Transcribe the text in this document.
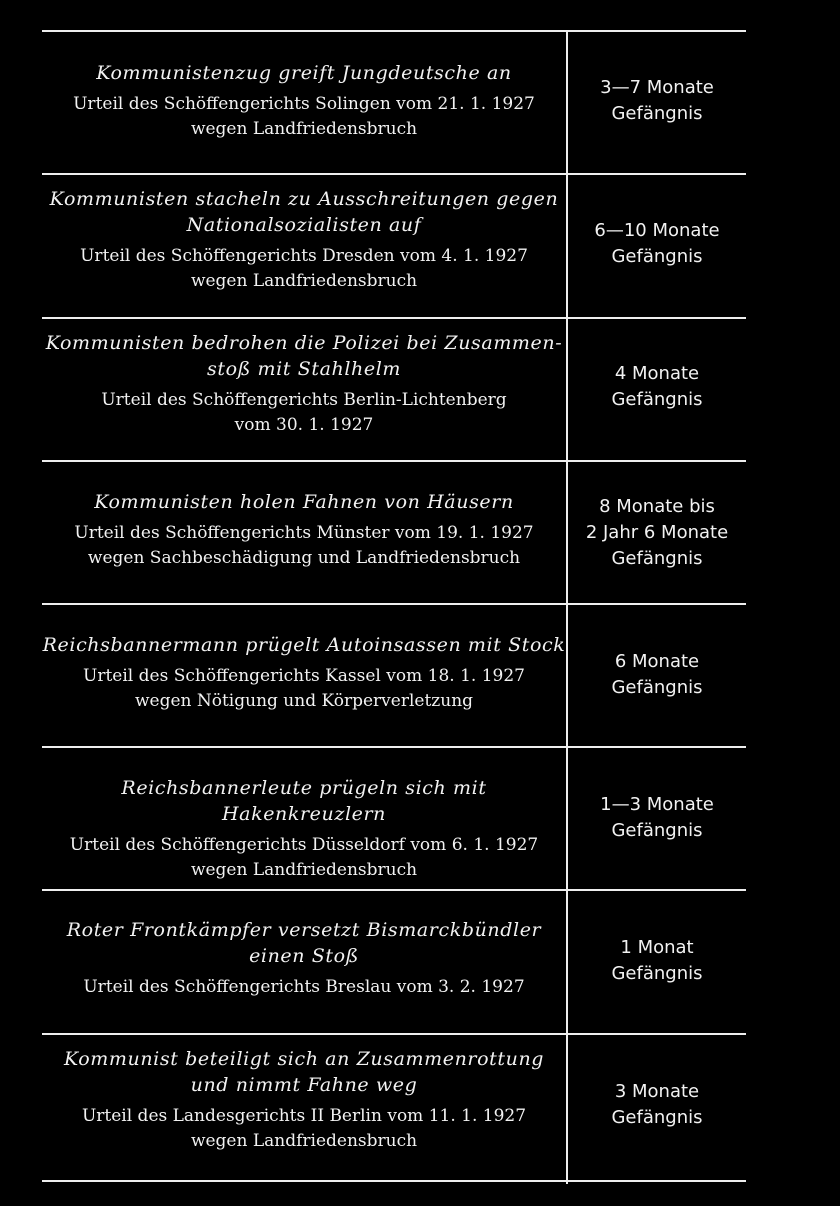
Kommunistenzug greift Jungdeutsche an

Urteil des Schöffengerichts Solingen vom 21. 1. 1927
wegen Landfriedensbruch

3—7 Monate
Gefängnis

Kommunisten stacheln zu Ausschreitungen gegen
Nationalsozialisten auf

Urteil des Schöffengerichts Dresden vom 4. 1. 1927
wegen Landfriedensbruch

6—10 Monate
Gefängnis

Kommunisten bedrohen die Polizei bei Zusammen-
stoß mit Stahlhelm

Urteil des Schöffengerichts Berlin-Lichtenberg
vom 30. 1. 1927

4 Monate
Gefängnis

Kommunisten holen Fahnen von Häusern

Urteil des Schöffengerichts Münster vom 19. 1. 1927
wegen Sachbeschädigung und Landfriedensbruch

8 Monate bis
2 Jahr 6 Monate
Gefängnis

Reichsbannermann prügelt Autoinsassen mit Stock

Urteil des Schöffengerichts Kassel vom 18. 1. 1927
wegen Nötigung und Körperverletzung

6 Monate
Gefängnis

Reichsbannerleute prügeln sich mit Hakenkreuzlern

Urteil des Schöffengerichts Düsseldorf vom 6. 1. 1927
wegen Landfriedensbruch

1—3 Monate
Gefängnis

Roter Frontkämpfer versetzt Bismarckbündler
einen Stoß

Urteil des Schöffengerichts Breslau vom 3. 2. 1927

1 Monat
Gefängnis

Kommunist beteiligt sich an Zusammenrottung
und nimmt Fahne weg

Urteil des Landesgerichts II Berlin vom 11. 1. 1927
wegen Landfriedensbruch

3 Monate
Gefängnis
